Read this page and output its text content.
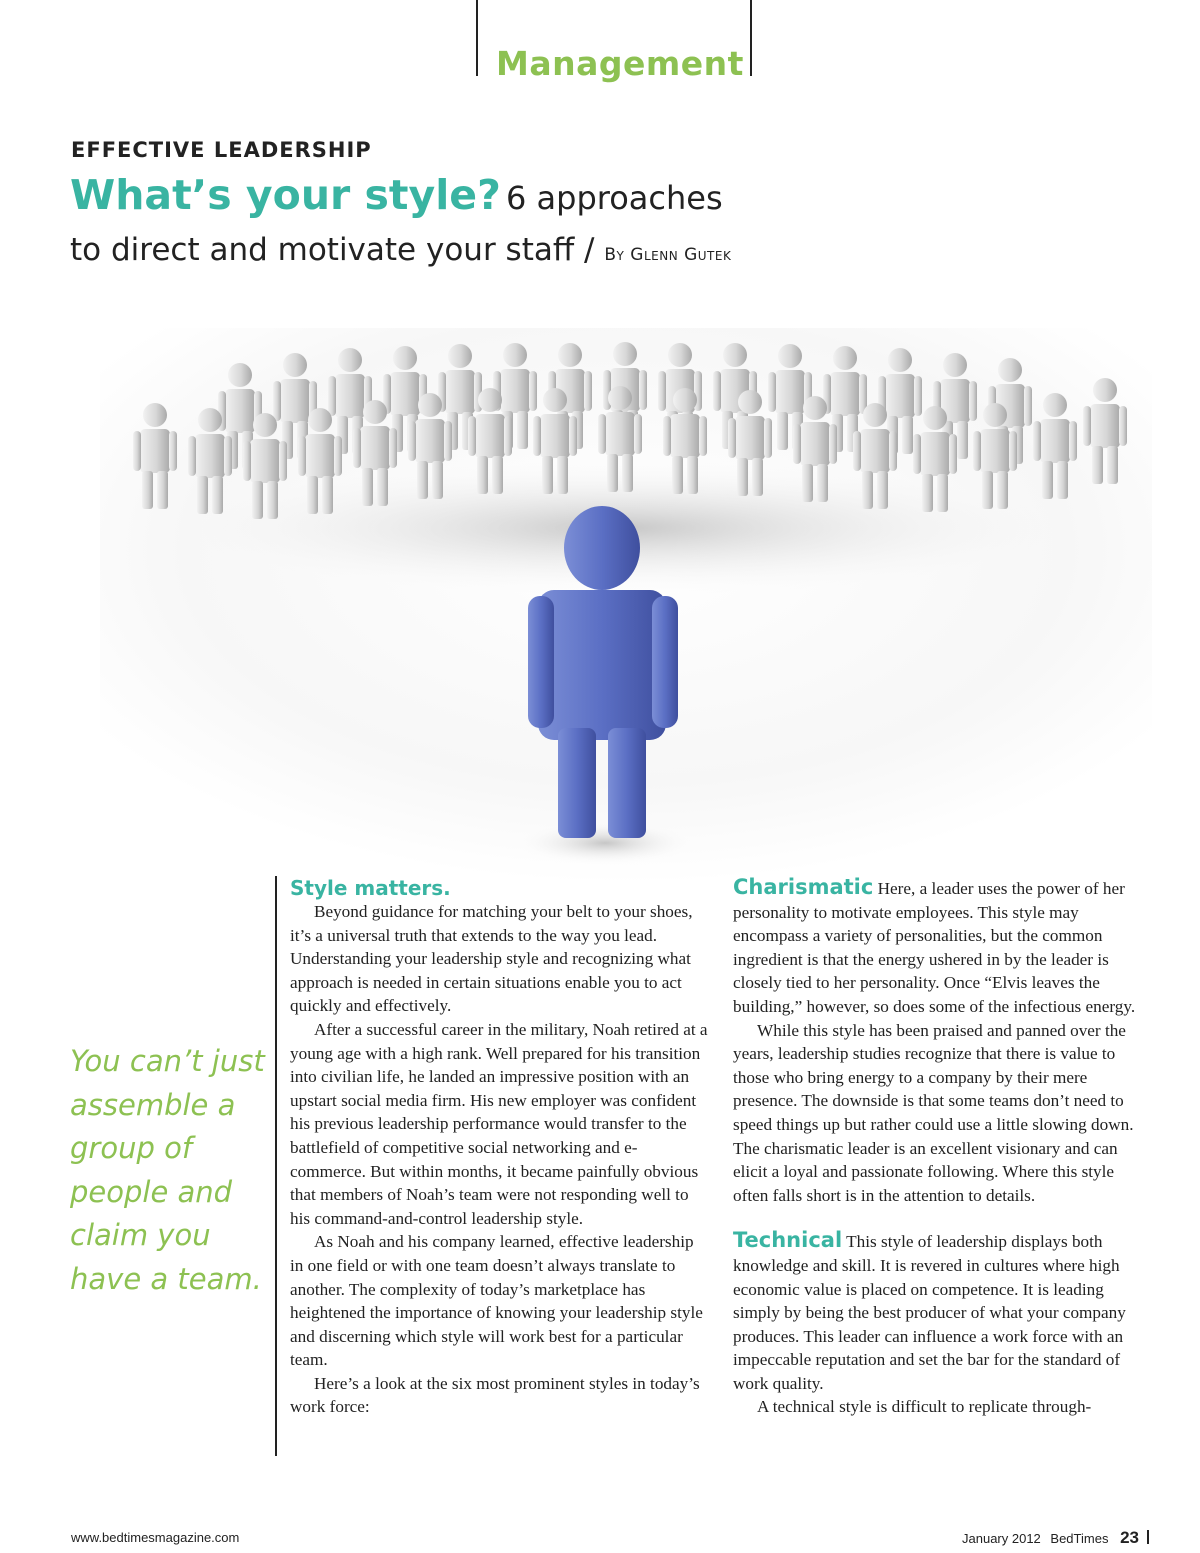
Management
EFFECTIVE LEADERSHIP
What’s your style? 6 approaches
to direct and motivate your staff / By Glenn Gutek
You can’t just assemble a group of people and claim you have a team.
Style matters.

Beyond guidance for matching your belt to your shoes, it’s a universal truth that extends to the way you lead. Understanding your leadership style and recognizing what approach is needed in certain situations enable you to act quickly and effectively.

After a successful career in the military, Noah retired at a young age with a high rank. Well prepared for his transition into civilian life, he landed an impressive position with an upstart social media firm. His new employer was confident his previous leadership performance would transfer to the battlefield of competitive social networking and e-commerce. But within months, it became painfully obvious that members of Noah’s team were not responding well to his command-and-control leadership style.

As Noah and his company learned, effective leadership in one field or with one team doesn’t always translate to another. The complexity of today’s marketplace has heightened the importance of knowing your leadership style and discerning which style will work best for a particular team.

Here’s a look at the six most prominent styles in today’s work force:

Charismatic Here, a leader uses the power of her personality to motivate employees. This style may encompass a variety of personalities, but the common ingredient is that the energy ushered in by the leader is closely tied to her personality. Once “Elvis leaves the building,” however, so does some of the infectious energy.

While this style has been praised and panned over the years, leadership studies recognize that there is value to those who bring energy to a company by their mere presence. The downside is that some teams don’t need to speed things up but rather could use a little slowing down. The charismatic leader is an excellent visionary and can elicit a loyal and passionate following. Where this style often falls short is in the attention to details.

Technical This style of leadership displays both knowledge and skill. It is revered in cultures where high economic value is placed on competence. It is leading simply by being the best producer of what your company produces. This leader can influence a work force with an impeccable reputation and set the bar for the standard of work quality.

A technical style is difficult to replicate through-

www.bedtimesmagazine.com	January 2012 BedTimes 23
